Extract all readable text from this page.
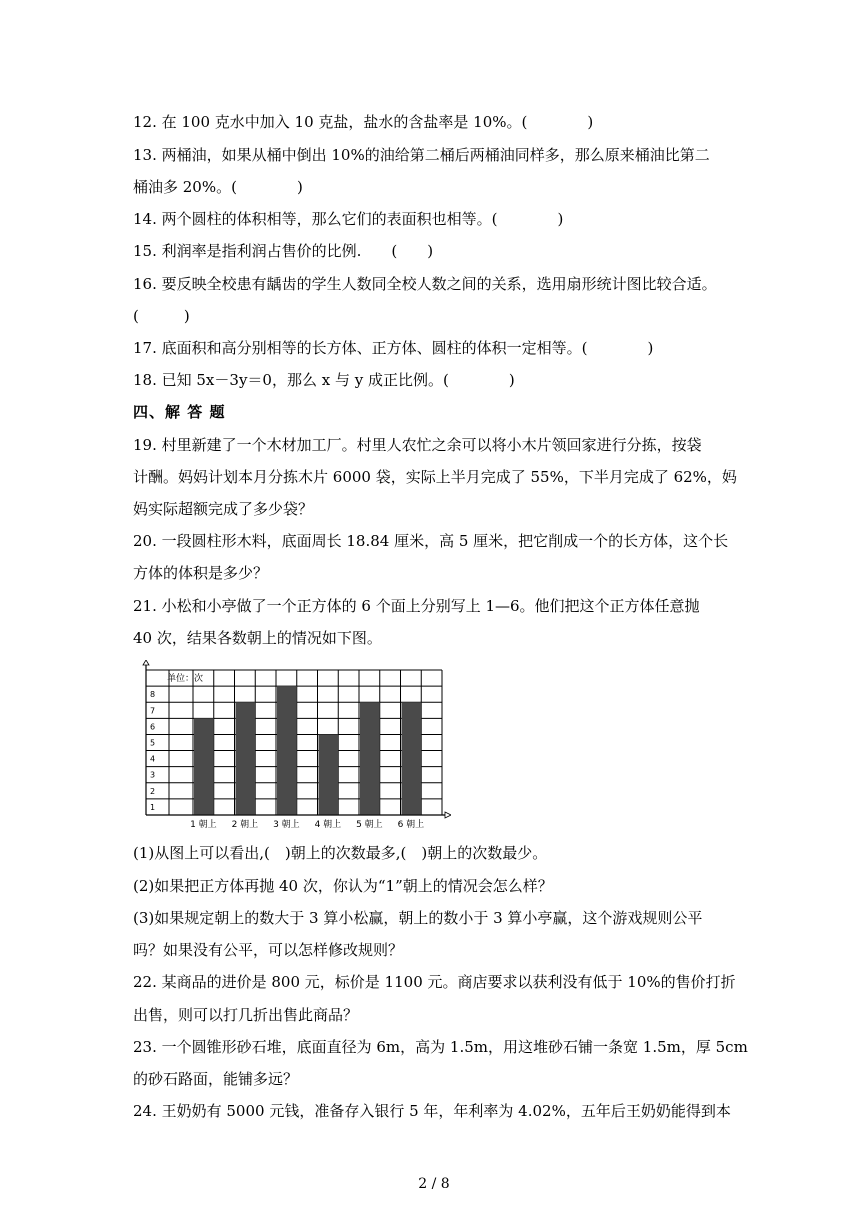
12. 在 100 克水中加入 10 克盐，盐水的含盐率是 10%。(　　　　)
13. 两桶油，如果从桶中倒出 10%的油给第二桶后两桶油同样多，那么原来桶油比第二
桶油多 20%。(　　　　)
14. 两个圆柱的体积相等，那么它们的表面积也相等。(　　　　)
15. 利润率是指利润占售价的比例.　　(　　)
16. 要反映全校患有龋齿的学生人数同全校人数之间的关系，选用扇形统计图比较合适。
(　　　)
17. 底面积和高分别相等的长方体、正方体、圆柱的体积一定相等。(　　　　)
18. 已知 5x－3y＝0，那么 x 与 y 成正比例。(　　　　)
四、解 答 题
19. 村里新建了一个木材加工厂。村里人农忙之余可以将小木片领回家进行分拣，按袋
计酬。妈妈计划本月分拣木片 6000 袋，实际上半月完成了 55%，下半月完成了 62%，妈
妈实际超额完成了多少袋？
20. 一段圆柱形木料，底面周长 18.84 厘米，高 5 厘米，把它削成一个的长方体，这个长
方体的体积是多少？
21. 小松和小亭做了一个正方体的 6 个面上分别写上 1—6。他们把这个正方体任意抛
40 次，结果各数朝上的情况如下图。
单位：次
1
2
3
4
5
6
7
8
1 朝上 2 朝上 3 朝上 4 朝上 5 朝上 6 朝上
(1)从图上可以看出,(　)朝上的次数最多,(　)朝上的次数最少。
(2)如果把正方体再抛 40 次，你认为“1”朝上的情况会怎么样？
(3)如果规定朝上的数大于 3 算小松赢，朝上的数小于 3 算小亭赢，这个游戏规则公平
吗？如果没有公平，可以怎样修改规则？
22. 某商品的进价是 800 元，标价是 1100 元。商店要求以获利没有低于 10%的售价打折
出售，则可以打几折出售此商品？
23. 一个圆锥形砂石堆，底面直径为 6m，高为 1.5m，用这堆砂石铺一条宽 1.5m，厚 5cm
的砂石路面，能铺多远？
24. 王奶奶有 5000 元钱，准备存入银行 5 年，年利率为 4.02%，五年后王奶奶能得到本
2 / 8
